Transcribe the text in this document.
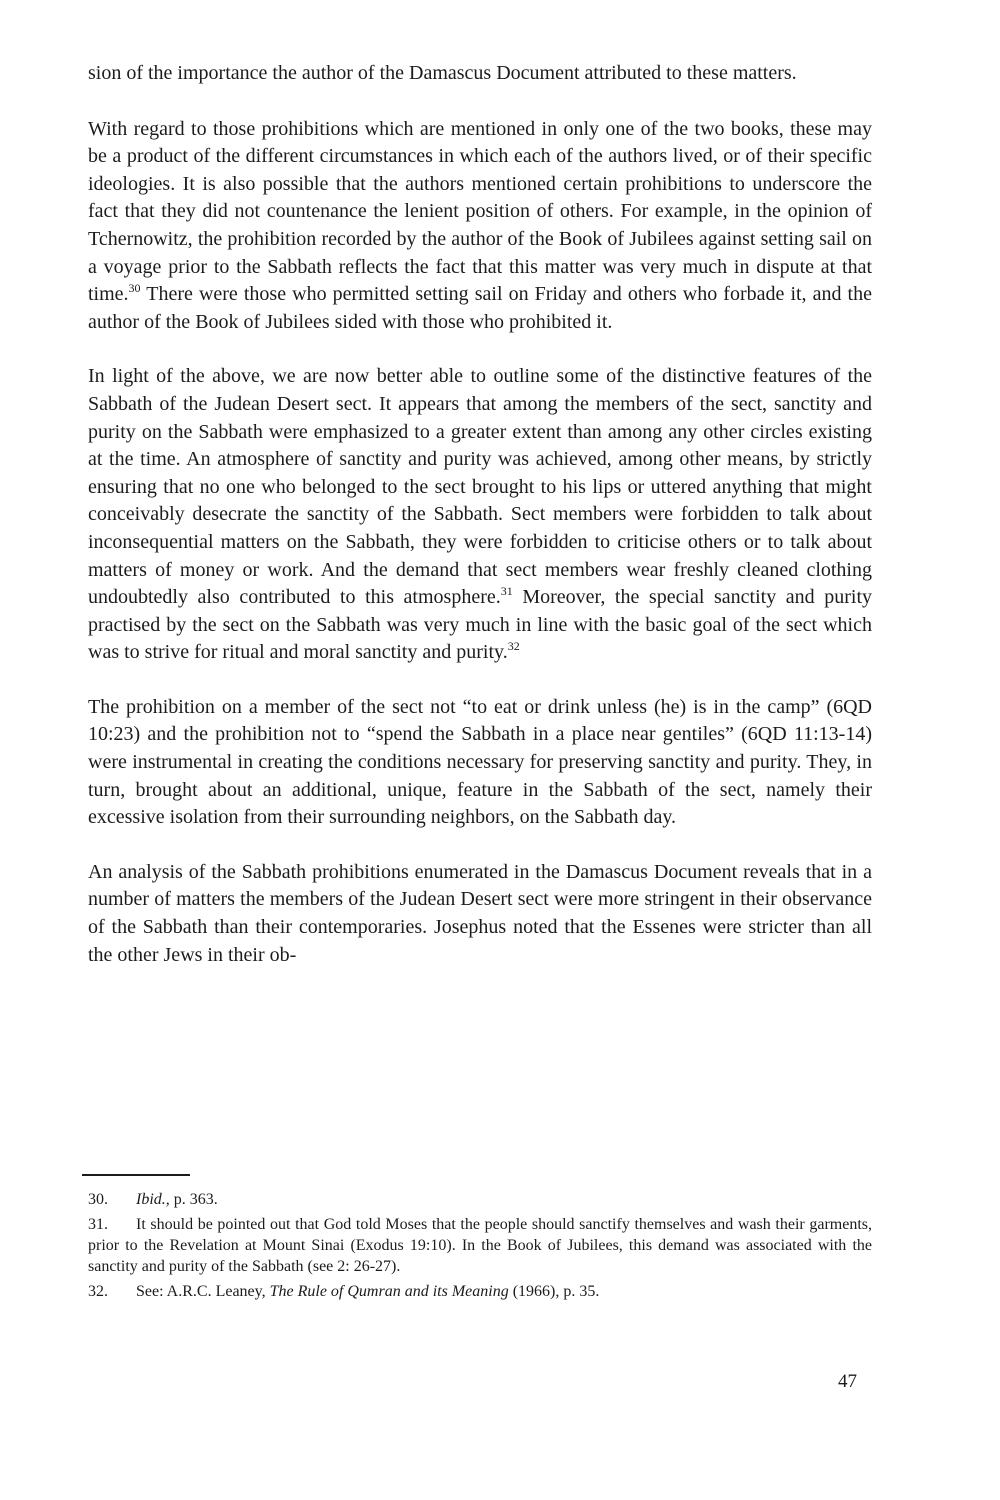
sion of the importance the author of the Damascus Document attributed to these matters.

With regard to those prohibitions which are mentioned in only one of the two books, these may be a product of the different circumstances in which each of the authors lived, or of their specific ideologies. It is also possible that the authors mentioned certain prohibitions to underscore the fact that they did not countenance the lenient position of others. For example, in the opinion of Tchernowitz, the prohibition recorded by the author of the Book of Jubilees against setting sail on a voyage prior to the Sabbath reflects the fact that this matter was very much in dispute at that time.$^{30}$ There were those who permitted setting sail on Friday and others who forbade it, and the author of the Book of Jubilees sided with those who prohibited it.

In light of the above, we are now better able to outline some of the distinctive features of the Sabbath of the Judean Desert sect. It appears that among the members of the sect, sanctity and purity on the Sabbath were emphasized to a greater extent than among any other circles existing at the time. An atmosphere of sanctity and purity was achieved, among other means, by strictly ensuring that no one who belonged to the sect brought to his lips or uttered anything that might conceivably desecrate the sanctity of the Sabbath. Sect members were forbidden to talk about inconsequential matters on the Sabbath, they were forbidden to criticise others or to talk about matters of money or work. And the demand that sect members wear freshly cleaned clothing undoubtedly also contributed to this atmosphere.$^{31}$ Moreover, the special sanctity and purity practised by the sect on the Sabbath was very much in line with the basic goal of the sect which was to strive for ritual and moral sanctity and purity.$^{32}$

The prohibition on a member of the sect not “to eat or drink unless (he) is in the camp” (6QD 10:23) and the prohibition not to “spend the Sabbath in a place near gentiles” (6QD 11:13-14) were instrumental in creating the conditions necessary for preserving sanctity and purity. They, in turn, brought about an additional, unique, feature in the Sabbath of the sect, namely their excessive isolation from their surrounding neighbors, on the Sabbath day.

An analysis of the Sabbath prohibitions enumerated in the Damascus Document reveals that in a number of matters the members of the Judean Desert sect were more stringent in their observance of the Sabbath than their contemporaries. Josephus noted that the Essenes were stricter than all the other Jews in their ob-

30. Ibid., p. 363.
31. It should be pointed out that God told Moses that the people should sanctify themselves and wash their garments, prior to the Revelation at Mount Sinai (Exodus 19:10). In the Book of Jubilees, this demand was associated with the sanctity and purity of the Sabbath (see 2: 26-27).
32. See: A.R.C. Leaney, The Rule of Qumran and its Meaning (1966), p. 35.
47
